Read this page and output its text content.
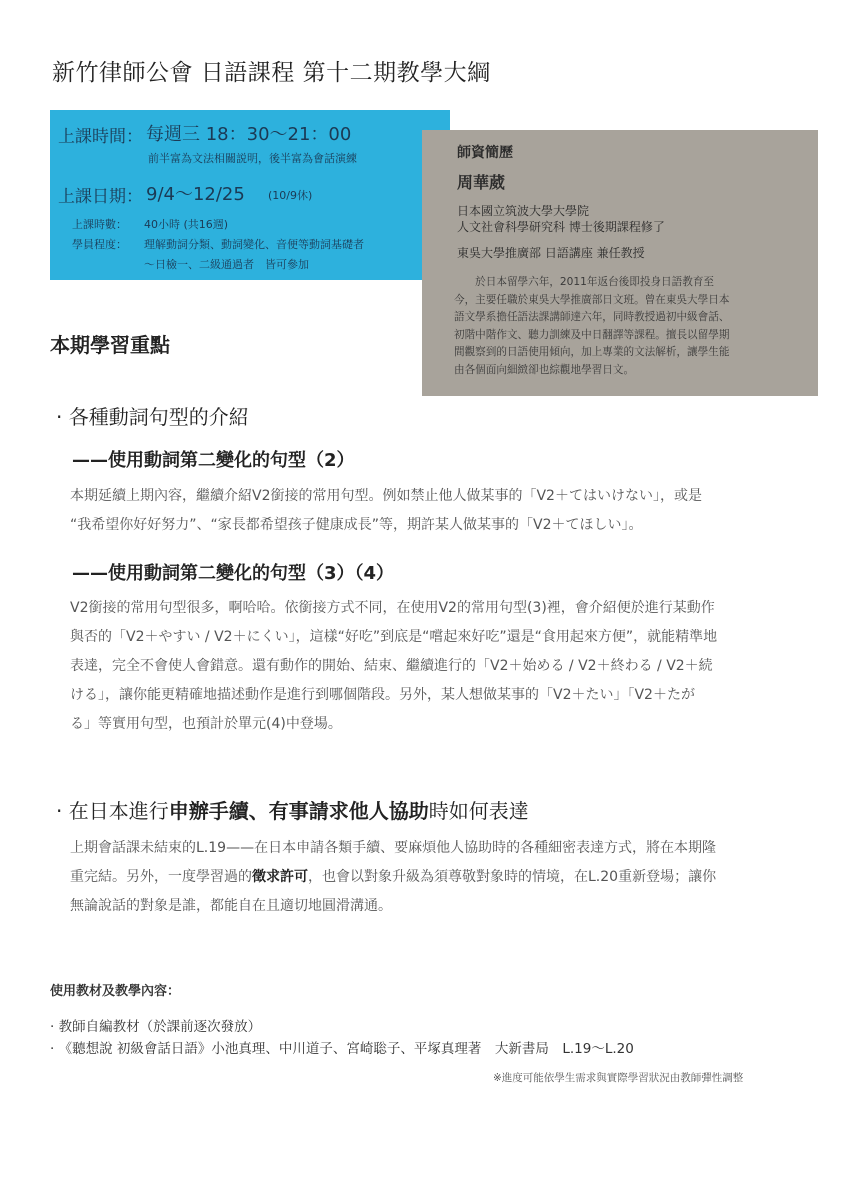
新竹律師公會 日語課程 第十二期教學大綱
上課時間： 每週三 18：30～21：00
前半富為文法相關説明，後半富為會話演練
上課日期： 9/4～12/25 (10/9休)
上課時數： 40小時 (共16週)
學員程度： 理解動詞分類、動詞變化、音便等動詞基礎者
～日檢一、二級通過者　皆可參加
師資簡歷
周華葳
日本國立筑波大學大學院
人文社會科學研究科 博士後期課程修了
東吳大學推廣部 日語講座 兼任教授
　　於日本留學六年，2011年返台後即投身日語教育至
今，主要任職於東吳大學推廣部日文班。曾在東吳大學日本
語文學系擔任語法課講師達六年，同時教授過初中級會話、
初階中階作文、聽力訓練及中日翻譯等課程。擅長以留學期
間觀察到的日語使用傾向，加上專業的文法解析，讓學生能
由各個面向細緻卻也綜觀地學習日文。
本期學習重點
· 各種動詞句型的介紹
——使用動詞第二變化的句型（2）
本期延續上期內容，繼續介紹V2銜接的常用句型。例如禁止他人做某事的「V2＋てはいけない」，或是
“我希望你好好努力”、“家長都希望孩子健康成長”等，期許某人做某事的「V2＋てほしい」。
——使用動詞第二變化的句型（3）（4）
V2銜接的常用句型很多，啊哈哈。依銜接方式不同，在使用V2的常用句型(3)裡，會介紹便於進行某動作
與否的「V2＋やすい / V2＋にくい」，這樣“好吃”到底是“嚐起來好吃”還是“食用起來方便”，就能精準地
表達，完全不會使人會錯意。還有動作的開始、結束、繼續進行的「V2＋始める / V2＋終わる / V2＋続
ける」，讓你能更精確地描述動作是進行到哪個階段。另外，某人想做某事的「V2＋たい」「V2＋たが
る」等實用句型，也預計於單元(4)中登場。
· 在日本進行申辦手續、有事請求他人協助時如何表達
上期會話課未結束的L.19——在日本申請各類手續、要麻煩他人協助時的各種細密表達方式，將在本期隆
重完結。另外，一度學習過的徵求許可，也會以對象升級為須尊敬對象時的情境，在L.20重新登場；讓你
無論說話的對象是誰，都能自在且適切地圓滑溝通。
使用教材及教學內容：
· 教師自編教材（於課前逐次發放）
· 《聽想說 初級會話日語》小池真理、中川道子、宮崎聡子、平塚真理著　大新書局　L.19～L.20
※進度可能依學生需求與實際學習狀況由教師彈性調整
